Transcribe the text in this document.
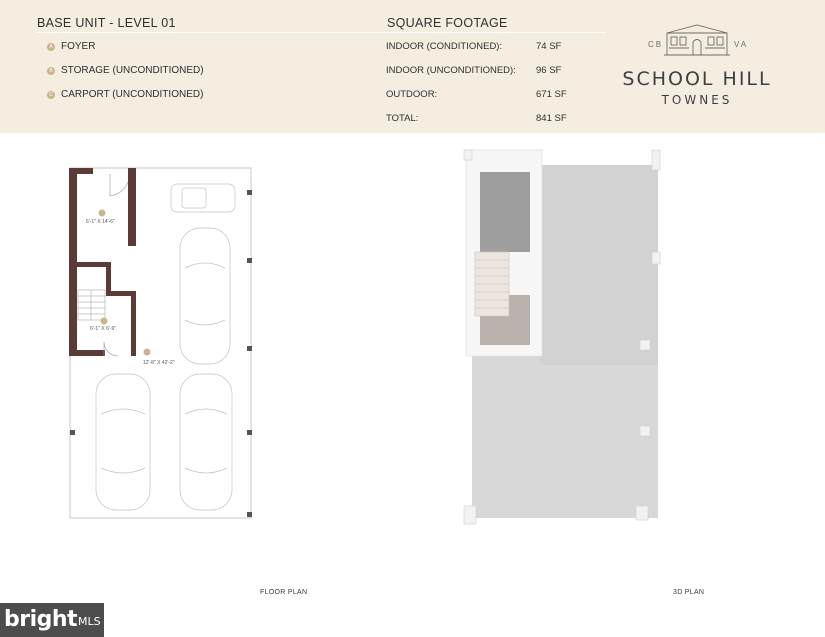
BASE UNIT - LEVEL 01	SQUARE FOOTAGE
A FOYER
B STORAGE (UNCONDITIONED)
C CARPORT (UNCONDITIONED)
INDOOR (CONDITIONED):	74 SF
INDOOR (UNCONDITIONED): 96 SF
OUTDOOR:	671 SF
TOTAL:	841 SF
CB	VA
SCHOOL HILL
TOWNES
6'-1" X 14'-6"
6'-1" X 6'-9"
12'-8" X 42'-2"
FLOOR PLAN	3D PLAN
bright MLS
